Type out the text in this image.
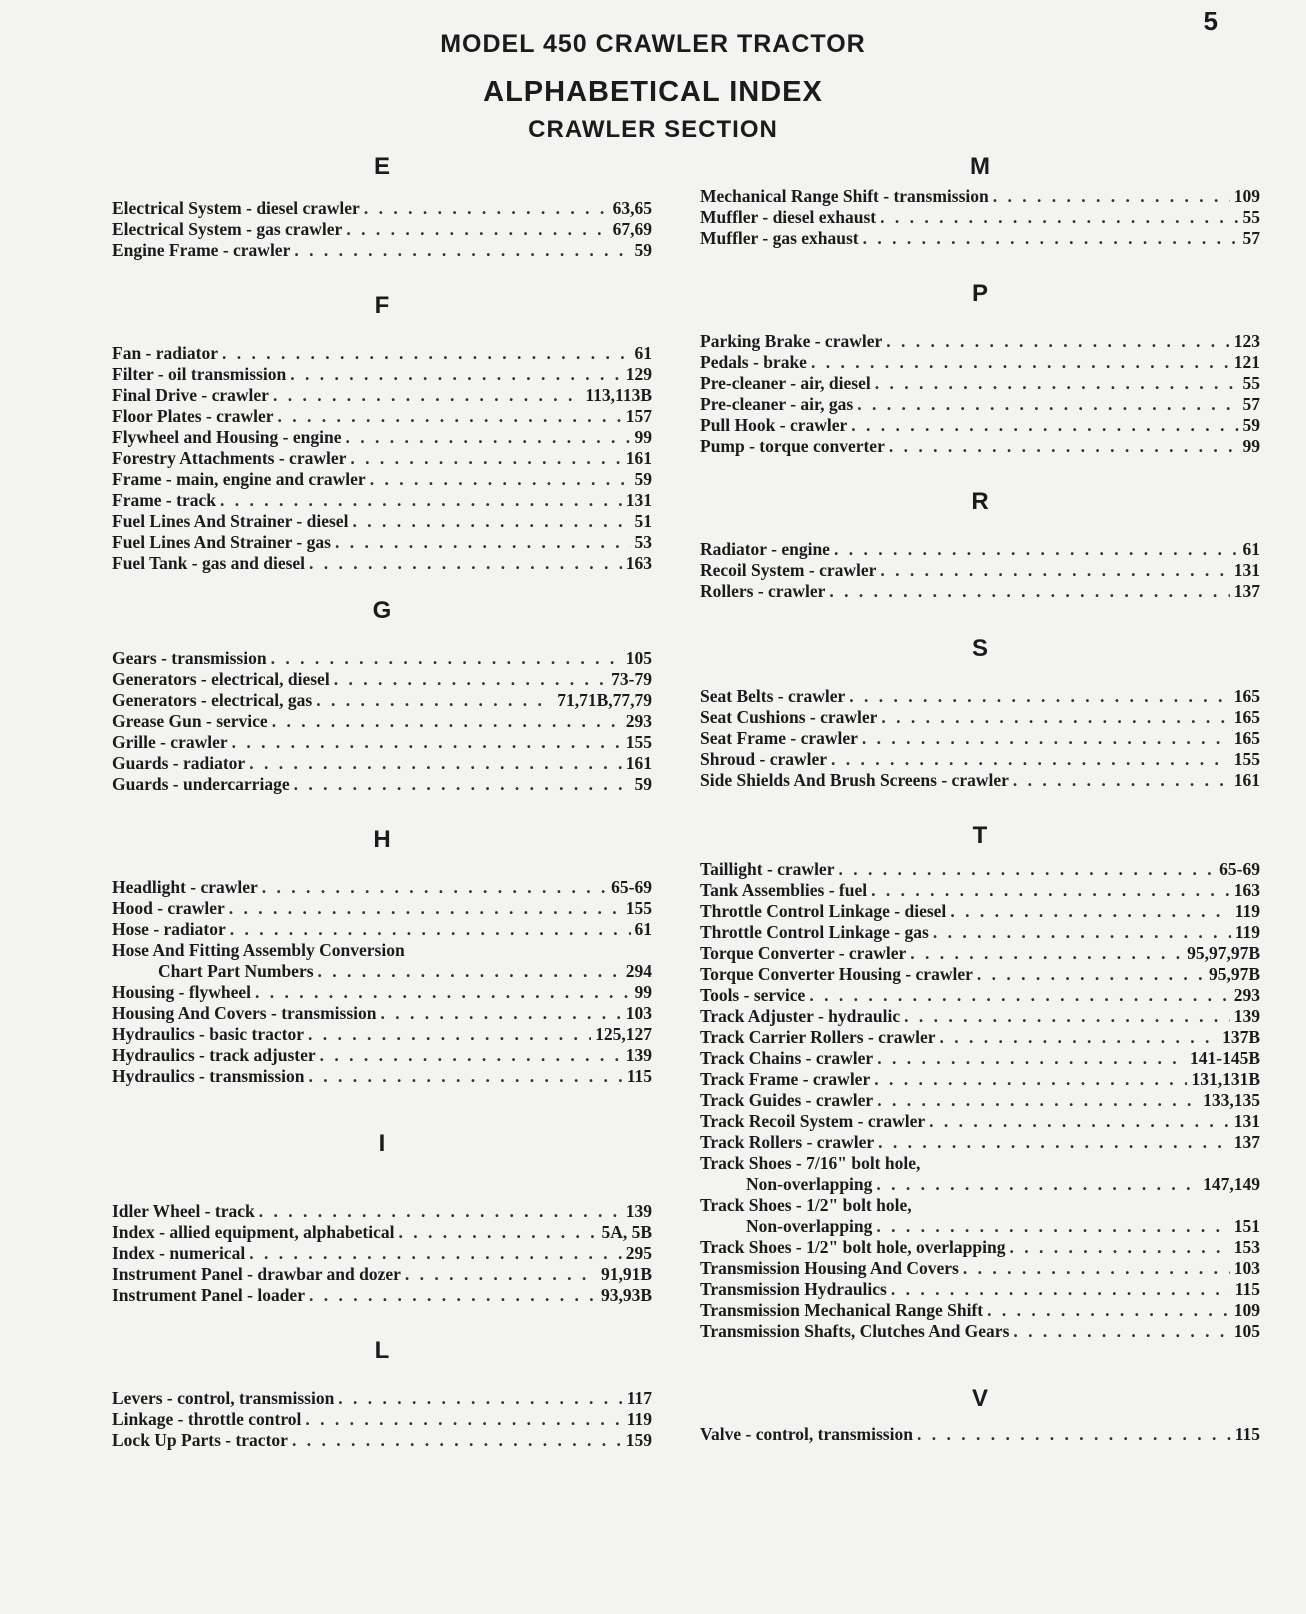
5
MODEL 450 CRAWLER TRACTOR
ALPHABETICAL INDEX
CRAWLER SECTION
E
Electrical System - diesel crawler . . .	63,65
Electrical System - gas crawler . . .	67,69
Engine Frame - crawler . . .	59
F
Fan - radiator . . .	61
Filter - oil transmission . . .	129
Final Drive - crawler . . .	113,113B
Floor Plates - crawler . . .	157
Flywheel and Housing - engine . . .	99
Forestry Attachments - crawler . . .	161
Frame - main, engine and crawler . . .	59
Frame - track . . .	131
Fuel Lines And Strainer - diesel . . .	51
Fuel Lines And Strainer - gas . . .	53
Fuel Tank - gas and diesel . . .	163
G
Gears - transmission . . .	105
Generators - electrical, diesel . . .	73-79
Generators - electrical, gas . . .	71,71B,77,79
Grease Gun - service . . .	293
Grille - crawler . . .	155
Guards - radiator . . .	161
Guards - undercarriage . . .	59
H
Headlight - crawler . . .	65-69
Hood - crawler . . .	155
Hose - radiator . . .	61
Hose And Fitting Assembly Conversion
Chart Part Numbers . . .	294
Housing - flywheel . . .	99
Housing And Covers - transmission . . .	103
Hydraulics - basic tractor . . .	125,127
Hydraulics - track adjuster . . .	139
Hydraulics - transmission . . .	115
I
Idler Wheel - track . . .	139
Index - allied equipment, alphabetical . . .	5A, 5B
Index - numerical . . .	295
Instrument Panel - drawbar and dozer . . .	91,91B
Instrument Panel - loader . . .	93,93B
L
Levers - control, transmission . . .	117
Linkage - throttle control . . .	119
Lock Up Parts - tractor . . .	159
M
Mechanical Range Shift - transmission . . .	109
Muffler - diesel exhaust . . .	55
Muffler - gas exhaust . . .	57
P
Parking Brake - crawler . . .	123
Pedals - brake . . .	121
Pre-cleaner - air, diesel . . .	55
Pre-cleaner - air, gas . . .	57
Pull Hook - crawler . . .	59
Pump - torque converter . . .	99
R
Radiator - engine . . .	61
Recoil System - crawler . . .	131
Rollers - crawler . . .	137
S
Seat Belts - crawler . . .	165
Seat Cushions - crawler . . .	165
Seat Frame - crawler . . .	165
Shroud - crawler . . .	155
Side Shields And Brush Screens - crawler . . .	161
T
Taillight - crawler . . .	65-69
Tank Assemblies - fuel . . .	163
Throttle Control Linkage - diesel . . .	119
Throttle Control Linkage - gas . . .	119
Torque Converter - crawler . . .	95,97,97B
Torque Converter Housing - crawler . . .	95,97B
Tools - service . . .	293
Track Adjuster - hydraulic . . .	139
Track Carrier Rollers - crawler . . .	137B
Track Chains - crawler . . .	141-145B
Track Frame - crawler . . .	131,131B
Track Guides - crawler . . .	133,135
Track Recoil System - crawler . . .	131
Track Rollers - crawler . . .	137
Track Shoes - 7/16" bolt hole,
Non-overlapping . . .	147,149
Track Shoes - 1/2" bolt hole,
Non-overlapping . . .	151
Track Shoes - 1/2" bolt hole, overlapping . . .	153
Transmission Housing And Covers . . .	103
Transmission Hydraulics . . .	115
Transmission Mechanical Range Shift . . .	109
Transmission Shafts, Clutches And Gears . . .	105
V
Valve - control, transmission . . .	115
